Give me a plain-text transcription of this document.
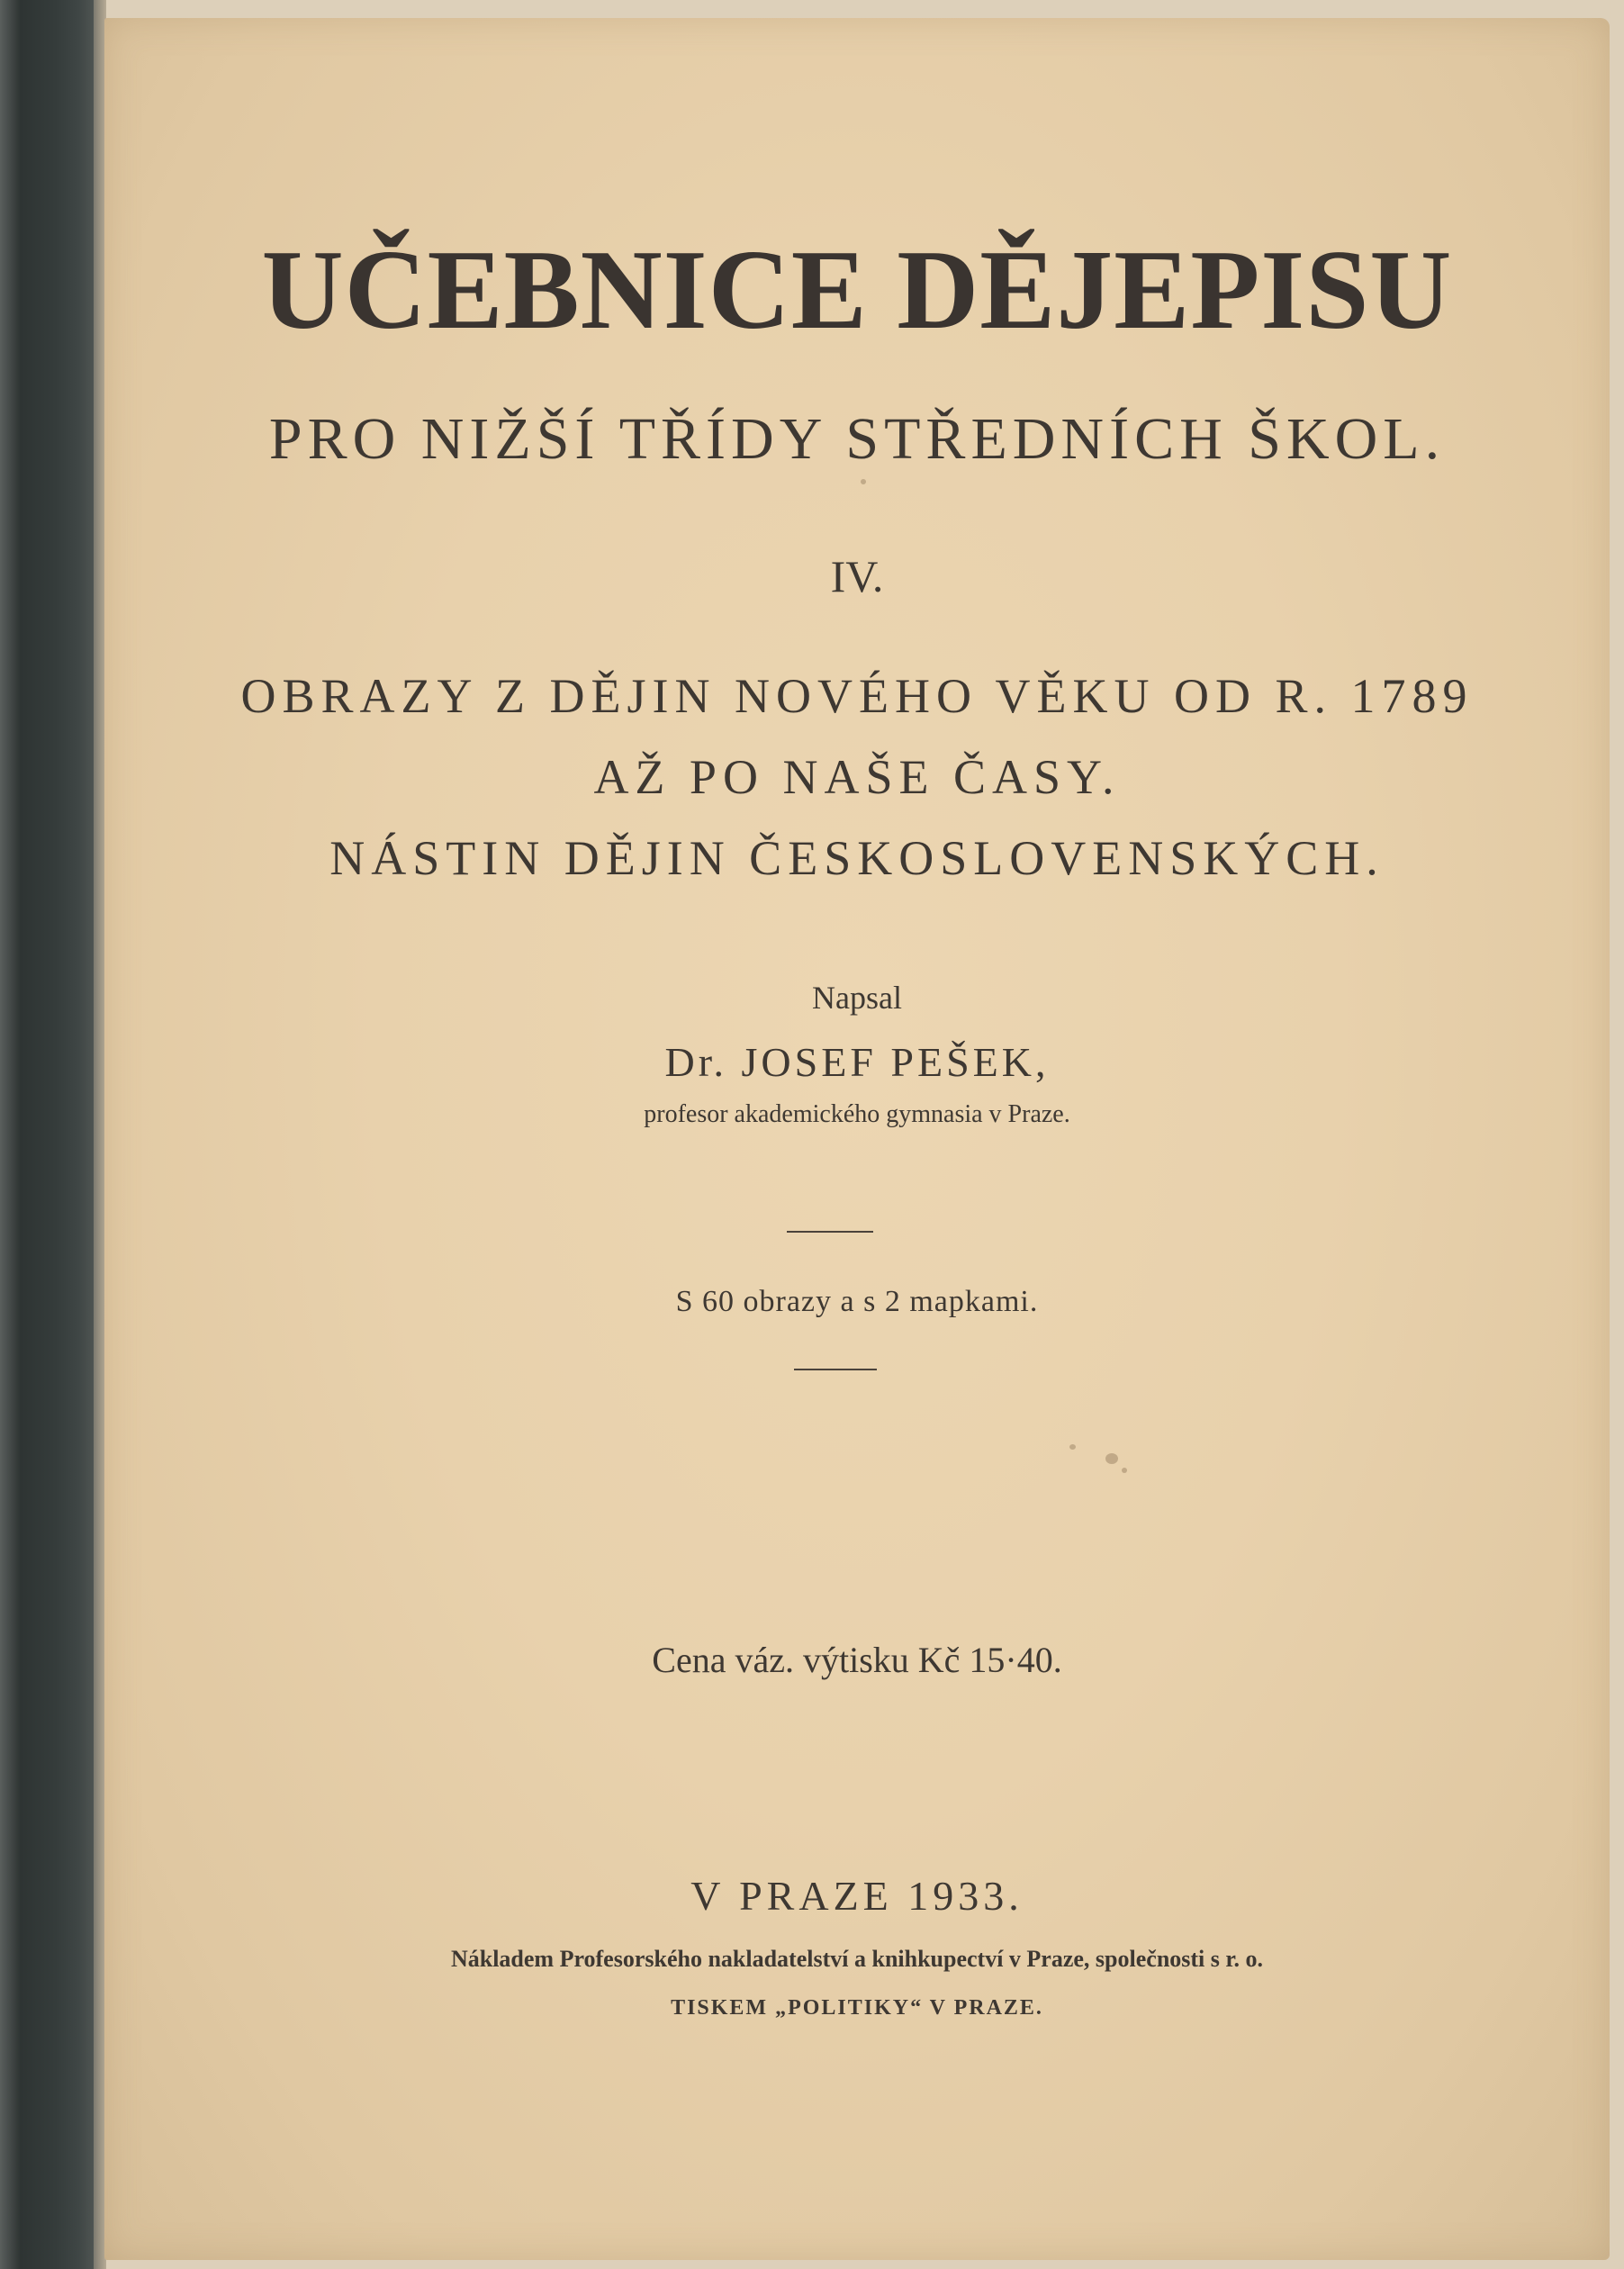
UČEBNICE DĚJEPISU

PRO NIŽŠÍ TŘÍDY STŘEDNÍCH ŠKOL.

IV.

OBRAZY Z DĚJIN NOVÉHO VĚKU OD R. 1789

AŽ PO NAŠE ČASY.

NÁSTIN DĚJIN ČESKOSLOVENSKÝCH.

Napsal

Dr. JOSEF PEŠEK,

profesor akademického gymnasia v Praze.

S 60 obrazy a s 2 mapkami.

Cena váz. výtisku Kč 15·40.

V PRAZE 1933.

Nákladem Profesorského nakladatelství a knihkupectví v Praze, společnosti s r. o.

TISKEM „POLITIKY“ V PRAZE.
